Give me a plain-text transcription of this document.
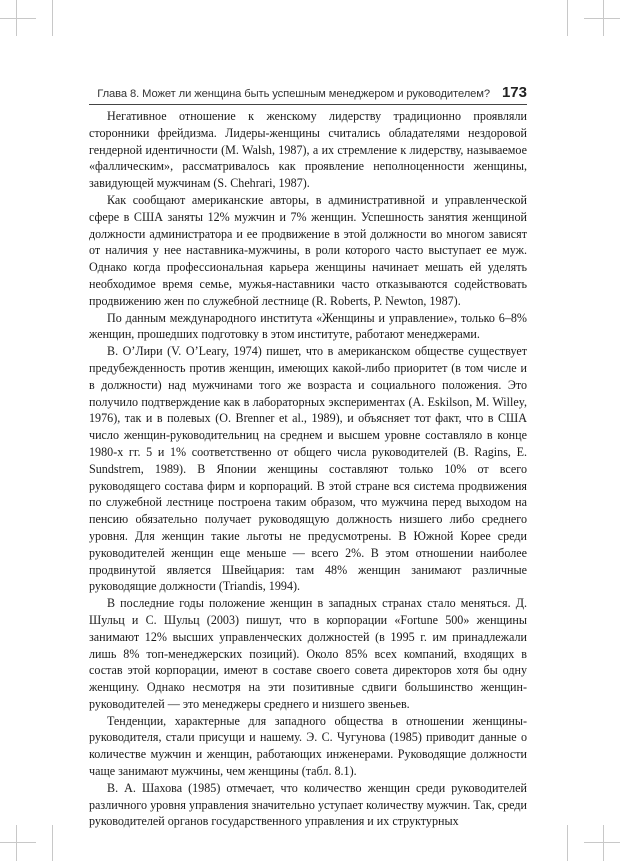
Глава 8. Может ли женщина быть успешным менеджером и руководителем? 173

Негативное отношение к женскому лидерству традиционно проявляли сторонники фрейдизма. Лидеры-женщины считались обладателями нездоровой гендерной идентичности (M. Walsh, 1987), а их стремление к лидерству, называемое «фаллическим», рассматривалось как проявление неполноценности женщины, завидующей мужчинам (S. Chehrari, 1987).

Как сообщают американские авторы, в административной и управленческой сфере в США заняты 12% мужчин и 7% женщин. Успешность занятия женщиной должности администратора и ее продвижение в этой должности во многом зависят от наличия у нее наставника-мужчины, в роли которого часто выступает ее муж. Однако когда профессиональная карьера женщины начинает мешать ей уделять необходимое время семье, мужья-наставники часто отказываются содействовать продвижению жен по служебной лестнице (R. Roberts, P. Newton, 1987).

По данным международного института «Женщины и управление», только 6–8% женщин, прошедших подготовку в этом институте, работают менеджерами.

В. О’Лири (V. O’Leary, 1974) пишет, что в американском обществе существует предубежденность против женщин, имеющих какой-либо приоритет (в том числе и в должности) над мужчинами того же возраста и социального положения. Это получило подтверждение как в лабораторных экспериментах (A. Eskilson, M. Willey, 1976), так и в полевых (O. Brenner et al., 1989), и объясняет тот факт, что в США число женщин-руководительниц на среднем и высшем уровне составляло в конце 1980-х гг. 5 и 1% соответственно от общего числа руководителей (B. Ragins, E. Sundstrem, 1989). В Японии женщины составляют только 10% от всего руководящего состава фирм и корпораций. В этой стране вся система продвижения по служебной лестнице построена таким образом, что мужчина перед выходом на пенсию обязательно получает руководящую должность низшего либо среднего уровня. Для женщин такие льготы не предусмотрены. В Южной Корее среди руководителей женщин еще меньше — всего 2%. В этом отношении наиболее продвинутой является Швейцария: там 48% женщин занимают различные руководящие должности (Triandis, 1994).

В последние годы положение женщин в западных странах стало меняться. Д. Шульц и С. Шульц (2003) пишут, что в корпорации «Fortune 500» женщины занимают 12% высших управленческих должностей (в 1995 г. им принадлежали лишь 8% топ-менеджерских позиций). Около 85% всех компаний, входящих в состав этой корпорации, имеют в составе своего совета директоров хотя бы одну женщину. Однако несмотря на эти позитивные сдвиги большинство женщин-руководителей — это менеджеры среднего и низшего звеньев.

Тенденции, характерные для западного общества в отношении женщины-руководителя, стали присущи и нашему. Э. С. Чугунова (1985) приводит данные о количестве мужчин и женщин, работающих инженерами. Руководящие должности чаще занимают мужчины, чем женщины (табл. 8.1).

В. А. Шахова (1985) отмечает, что количество женщин среди руководителей различного уровня управления значительно уступает количеству мужчин. Так, среди руководителей органов государственного управления и их структурных
